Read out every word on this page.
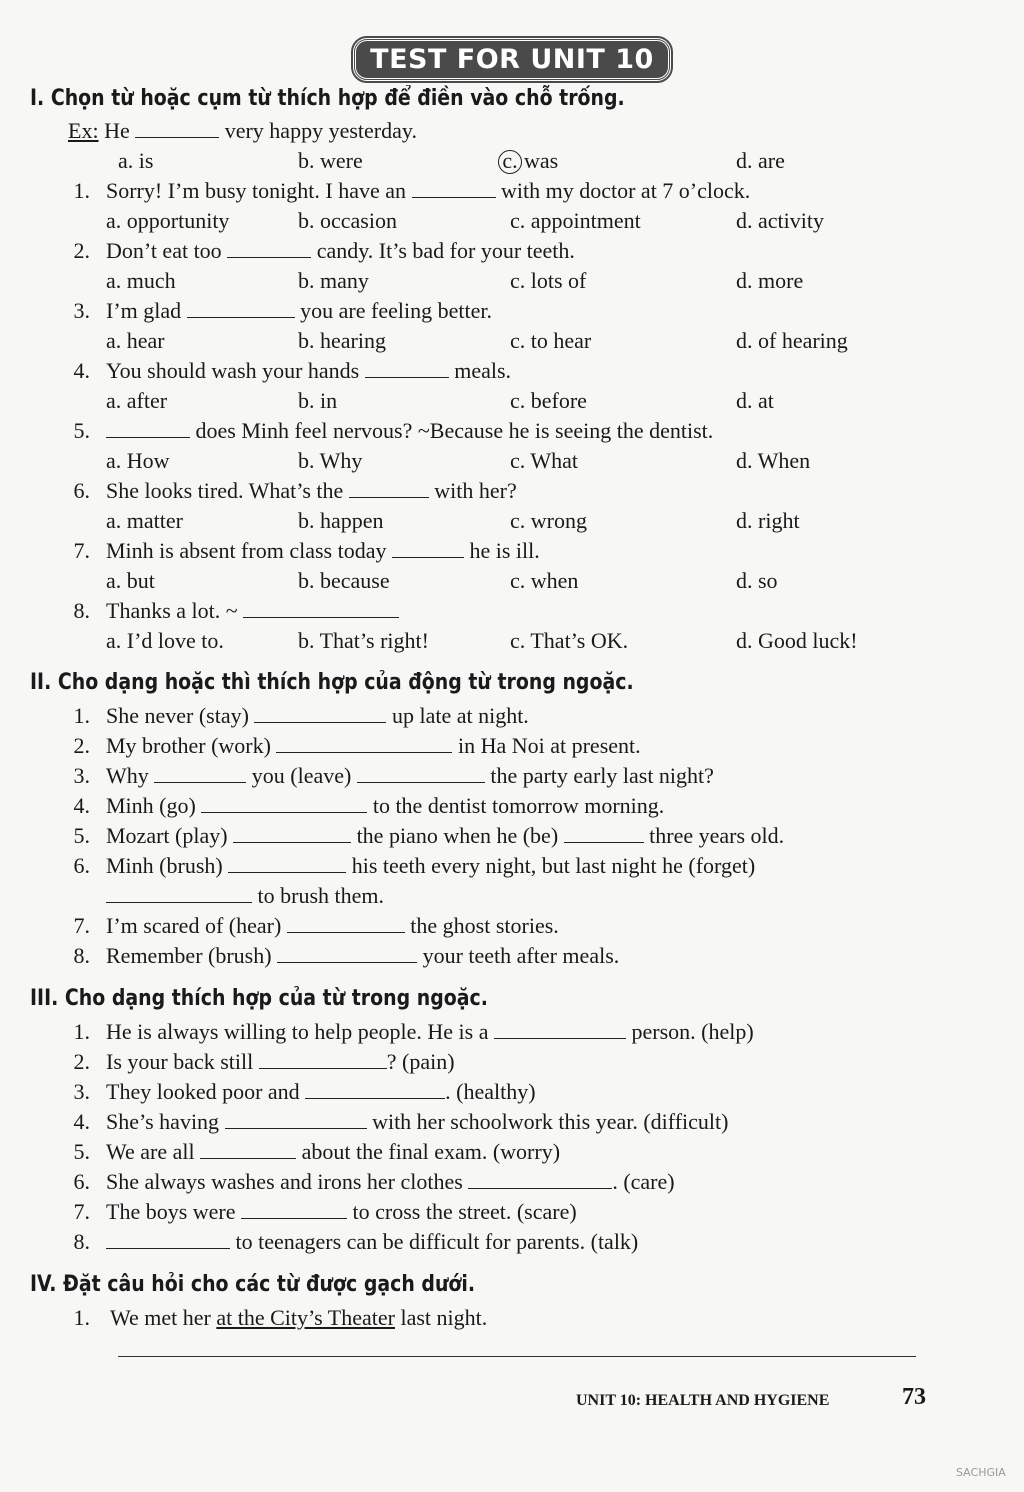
TEST FOR UNIT 10
I. Chọn từ hoặc cụm từ thích hợp để điền vào chỗ trống.
Ex: He	very happy yesterday.
a. is	b. were	c. was	d. are
1. Sorry! I’m busy tonight. I have an	with my doctor at 7 o’clock.
a. opportunity	b. occasion	c. appointment	d. activity
2. Don’t eat too	candy. It’s bad for your teeth.
a. much	b. many	c. lots of	d. more
3. I’m glad	you are feeling better.
a. hear	b. hearing	c. to hear	d. of hearing
4. You should wash your hands	meals.
a. after	b. in	c. before	d. at
5.	does Minh feel nervous? ~Because he is seeing the dentist.
a. How	b. Why	c. What	d. When
6. She looks tired. What’s the	with her?
a. matter	b. happen	c. wrong	d. right
7. Minh is absent from class today	he is ill.
a. but	b. because	c. when	d. so
8. Thanks a lot. ~
a. I’d love to.	b. That’s right!	c. That’s OK.	d. Good luck!
II. Cho dạng hoặc thì thích hợp của động từ trong ngoặc.
1. She never (stay)	up late at night.
2. My brother (work)	in Ha Noi at present.
3. Why	you (leave)	the party early last night?
4. Minh (go)	to the dentist tomorrow morning.
5. Mozart (play)	the piano when he (be)	three years old.
6. Minh (brush)	his teeth every night, but last night he (forget)
to brush them.
7. I’m scared of (hear)	the ghost stories.
8. Remember (brush)	your teeth after meals.
III. Cho dạng thích hợp của từ trong ngoặc.
1. He is always willing to help people. He is a	person. (help)
2. Is your back still	? (pain)
3. They looked poor and	. (healthy)
4. She’s having	with her schoolwork this year. (difficult)
5. We are all	about the final exam. (worry)
6. She always washes and irons her clothes	. (care)
7. The boys were	to cross the street. (scare)
8.	to teenagers can be difficult for parents. (talk)
IV. Đặt câu hỏi cho các từ được gạch dưới.
1. We met her at the City’s Theater last night.
UNIT 10: HEALTH AND HYGIENE	73
SACHGIA
